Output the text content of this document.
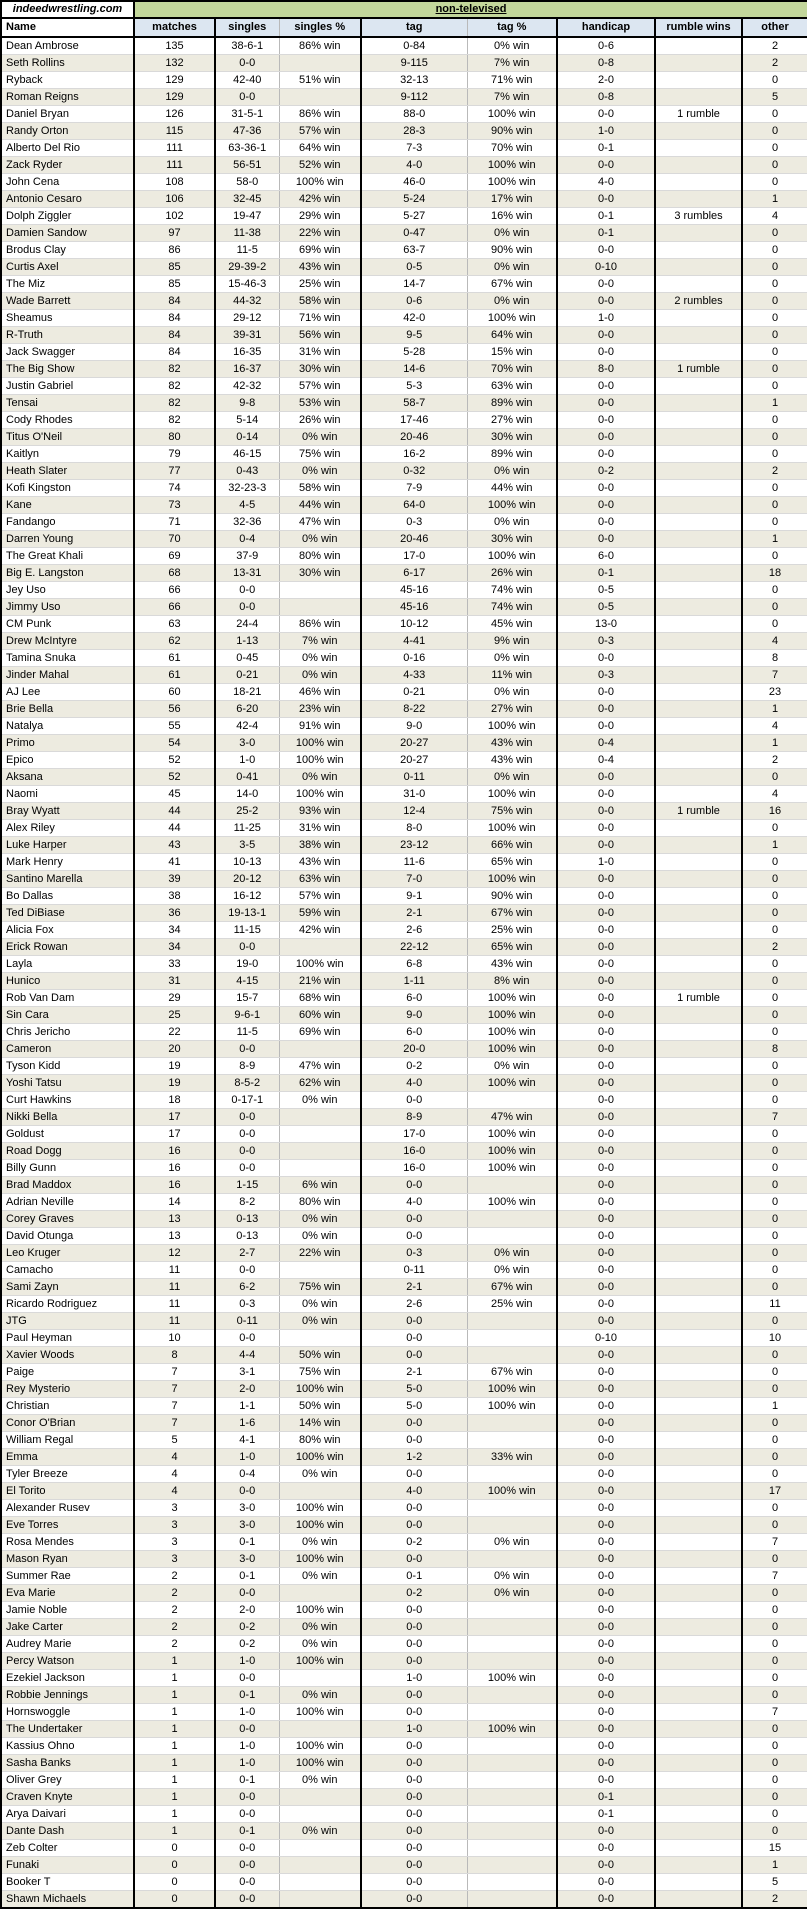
indeedwrestling.com	non-televised							
Name	matches	singles	singles %	tag	tag %	handicap	rumble wins	other
Dean Ambrose	135	38-6-1	86% win	0-84	0% win	0-6		2
Seth Rollins	132	0-0		9-115	7% win	0-8		2
Ryback	129	42-40	51% win	32-13	71% win	2-0		0
Roman Reigns	129	0-0		9-112	7% win	0-8		5
Daniel Bryan	126	31-5-1	86% win	88-0	100% win	0-0	1 rumble	0
Randy Orton	115	47-36	57% win	28-3	90% win	1-0		0
Alberto Del Rio	111	63-36-1	64% win	7-3	70% win	0-1		0
Zack Ryder	111	56-51	52% win	4-0	100% win	0-0		0
John Cena	108	58-0	100% win	46-0	100% win	4-0		0
Antonio Cesaro	106	32-45	42% win	5-24	17% win	0-0		1
Dolph Ziggler	102	19-47	29% win	5-27	16% win	0-1	3 rumbles	4
Damien Sandow	97	11-38	22% win	0-47	0% win	0-1		0
Brodus Clay	86	11-5	69% win	63-7	90% win	0-0		0
Curtis Axel	85	29-39-2	43% win	0-5	0% win	0-10		0
The Miz	85	15-46-3	25% win	14-7	67% win	0-0		0
Wade Barrett	84	44-32	58% win	0-6	0% win	0-0	2 rumbles	0
Sheamus	84	29-12	71% win	42-0	100% win	1-0		0
R-Truth	84	39-31	56% win	9-5	64% win	0-0		0
Jack Swagger	84	16-35	31% win	5-28	15% win	0-0		0
The Big Show	82	16-37	30% win	14-6	70% win	8-0	1 rumble	0
Justin Gabriel	82	42-32	57% win	5-3	63% win	0-0		0
Tensai	82	9-8	53% win	58-7	89% win	0-0		1
Cody Rhodes	82	5-14	26% win	17-46	27% win	0-0		0
Titus O'Neil	80	0-14	0% win	20-46	30% win	0-0		0
Kaitlyn	79	46-15	75% win	16-2	89% win	0-0		0
Heath Slater	77	0-43	0% win	0-32	0% win	0-2		2
Kofi Kingston	74	32-23-3	58% win	7-9	44% win	0-0		0
Kane	73	4-5	44% win	64-0	100% win	0-0		0
Fandango	71	32-36	47% win	0-3	0% win	0-0		0
Darren Young	70	0-4	0% win	20-46	30% win	0-0		1
The Great Khali	69	37-9	80% win	17-0	100% win	6-0		0
Big E. Langston	68	13-31	30% win	6-17	26% win	0-1		18
Jey Uso	66	0-0		45-16	74% win	0-5		0
Jimmy Uso	66	0-0		45-16	74% win	0-5		0
CM Punk	63	24-4	86% win	10-12	45% win	13-0		0
Drew McIntyre	62	1-13	7% win	4-41	9% win	0-3		4
Tamina Snuka	61	0-45	0% win	0-16	0% win	0-0		8
Jinder Mahal	61	0-21	0% win	4-33	11% win	0-3		7
AJ Lee	60	18-21	46% win	0-21	0% win	0-0		23
Brie Bella	56	6-20	23% win	8-22	27% win	0-0		1
Natalya	55	42-4	91% win	9-0	100% win	0-0		4
Primo	54	3-0	100% win	20-27	43% win	0-4		1
Epico	52	1-0	100% win	20-27	43% win	0-4		2
Aksana	52	0-41	0% win	0-11	0% win	0-0		0
Naomi	45	14-0	100% win	31-0	100% win	0-0		4
Bray Wyatt	44	25-2	93% win	12-4	75% win	0-0	1 rumble	16
Alex Riley	44	11-25	31% win	8-0	100% win	0-0		0
Luke Harper	43	3-5	38% win	23-12	66% win	0-0		1
Mark Henry	41	10-13	43% win	11-6	65% win	1-0		0
Santino Marella	39	20-12	63% win	7-0	100% win	0-0		0
Bo Dallas	38	16-12	57% win	9-1	90% win	0-0		0
Ted DiBiase	36	19-13-1	59% win	2-1	67% win	0-0		0
Alicia Fox	34	11-15	42% win	2-6	25% win	0-0		0
Erick Rowan	34	0-0		22-12	65% win	0-0		2
Layla	33	19-0	100% win	6-8	43% win	0-0		0
Hunico	31	4-15	21% win	1-11	8% win	0-0		0
Rob Van Dam	29	15-7	68% win	6-0	100% win	0-0	1 rumble	0
Sin Cara	25	9-6-1	60% win	9-0	100% win	0-0		0
Chris Jericho	22	11-5	69% win	6-0	100% win	0-0		0
Cameron	20	0-0		20-0	100% win	0-0		8
Tyson Kidd	19	8-9	47% win	0-2	0% win	0-0		0
Yoshi Tatsu	19	8-5-2	62% win	4-0	100% win	0-0		0
Curt Hawkins	18	0-17-1	0% win	0-0		0-0		0
Nikki Bella	17	0-0		8-9	47% win	0-0		7
Goldust	17	0-0		17-0	100% win	0-0		0
Road Dogg	16	0-0		16-0	100% win	0-0		0
Billy Gunn	16	0-0		16-0	100% win	0-0		0
Brad Maddox	16	1-15	6% win	0-0		0-0		0
Adrian Neville	14	8-2	80% win	4-0	100% win	0-0		0
Corey Graves	13	0-13	0% win	0-0		0-0		0
David Otunga	13	0-13	0% win	0-0		0-0		0
Leo Kruger	12	2-7	22% win	0-3	0% win	0-0		0
Camacho	11	0-0		0-11	0% win	0-0		0
Sami Zayn	11	6-2	75% win	2-1	67% win	0-0		0
Ricardo Rodriguez	11	0-3	0% win	2-6	25% win	0-0		11
JTG	11	0-11	0% win	0-0		0-0		0
Paul Heyman	10	0-0		0-0		0-10		10
Xavier Woods	8	4-4	50% win	0-0		0-0		0
Paige	7	3-1	75% win	2-1	67% win	0-0		0
Rey Mysterio	7	2-0	100% win	5-0	100% win	0-0		0
Christian	7	1-1	50% win	5-0	100% win	0-0		1
Conor O'Brian	7	1-6	14% win	0-0		0-0		0
William Regal	5	4-1	80% win	0-0		0-0		0
Emma	4	1-0	100% win	1-2	33% win	0-0		0
Tyler Breeze	4	0-4	0% win	0-0		0-0		0
El Torito	4	0-0		4-0	100% win	0-0		17
Alexander Rusev	3	3-0	100% win	0-0		0-0		0
Eve Torres	3	3-0	100% win	0-0		0-0		0
Rosa Mendes	3	0-1	0% win	0-2	0% win	0-0		7
Mason Ryan	3	3-0	100% win	0-0		0-0		0
Summer Rae	2	0-1	0% win	0-1	0% win	0-0		7
Eva Marie	2	0-0		0-2	0% win	0-0		0
Jamie Noble	2	2-0	100% win	0-0		0-0		0
Jake Carter	2	0-2	0% win	0-0		0-0		0
Audrey Marie	2	0-2	0% win	0-0		0-0		0
Percy Watson	1	1-0	100% win	0-0		0-0		0
Ezekiel Jackson	1	0-0		1-0	100% win	0-0		0
Robbie Jennings	1	0-1	0% win	0-0		0-0		0
Hornswoggle	1	1-0	100% win	0-0		0-0		7
The Undertaker	1	0-0		1-0	100% win	0-0		0
Kassius Ohno	1	1-0	100% win	0-0		0-0		0
Sasha Banks	1	1-0	100% win	0-0		0-0		0
Oliver Grey	1	0-1	0% win	0-0		0-0		0
Craven Knyte	1	0-0		0-0		0-1		0
Arya Daivari	1	0-0		0-0		0-1		0
Dante Dash	1	0-1	0% win	0-0		0-0		0
Zeb Colter	0	0-0		0-0		0-0		15
Funaki	0	0-0		0-0		0-0		1
Booker T	0	0-0		0-0		0-0		5
Shawn Michaels	0	0-0		0-0		0-0		2
